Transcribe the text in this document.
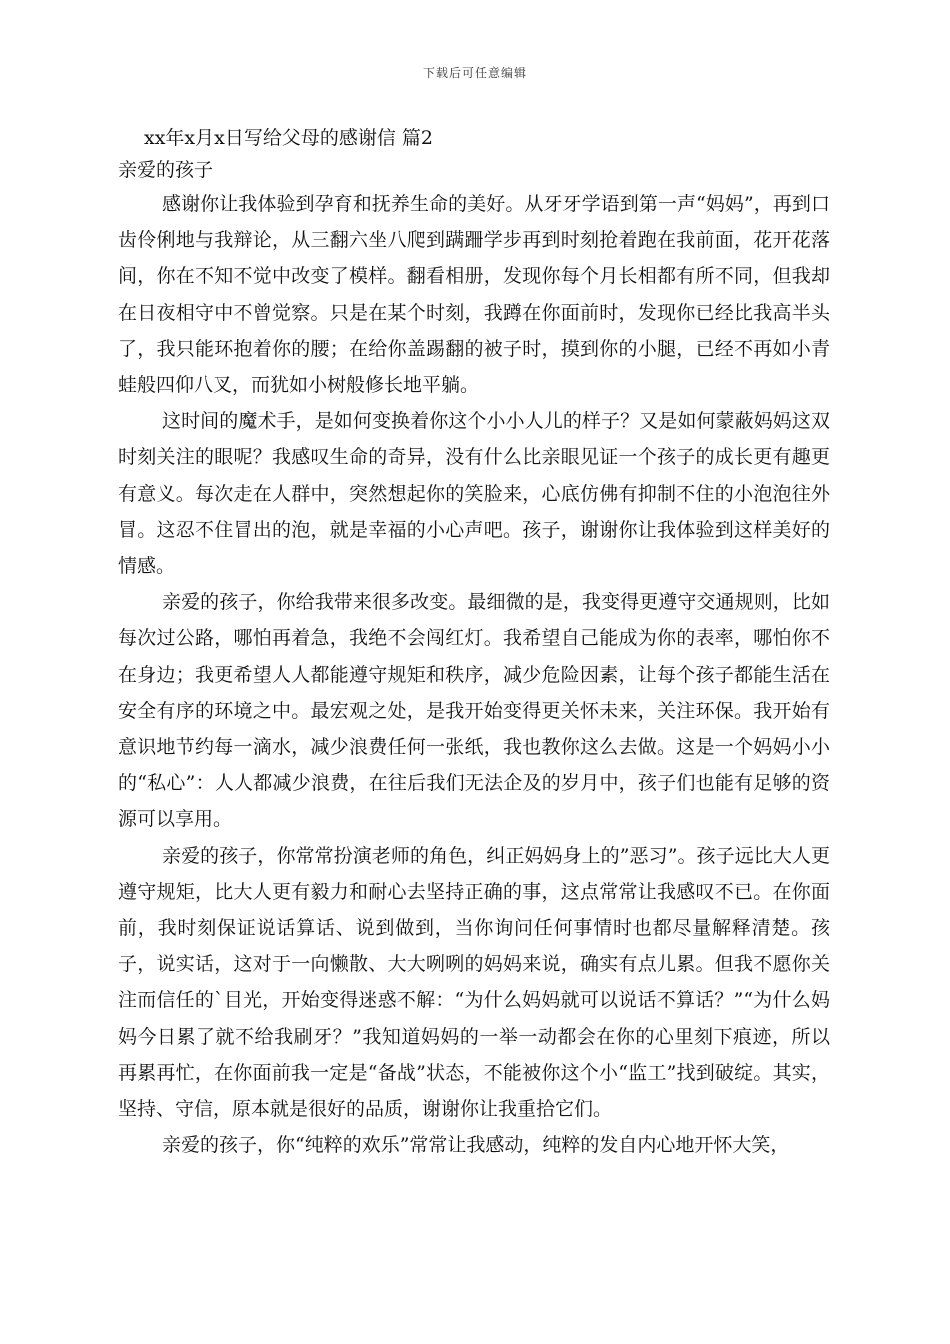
下载后可任意编辑
xx年x月x日写给父母的感谢信 篇2

亲爱的孩子

感谢你让我体验到孕育和抚养生命的美好。从牙牙学语到第一声“妈妈”，再到口齿伶俐地与我辩论，从三翻六坐八爬到蹒跚学步再到时刻抢着跑在我前面，花开花落间，你在不知不觉中改变了模样。翻看相册，发现你每个月长相都有所不同，但我却在日夜相守中不曾觉察。只是在某个时刻，我蹲在你面前时，发现你已经比我高半头了，我只能环抱着你的腰；在给你盖踢翻的被子时，摸到你的小腿，已经不再如小青蛙般四仰八叉，而犹如小树般修长地平躺。

这时间的魔术手，是如何变换着你这个小小人儿的样子？又是如何蒙蔽妈妈这双时刻关注的眼呢？我感叹生命的奇异，没有什么比亲眼见证一个孩子的成长更有趣更有意义。每次走在人群中，突然想起你的笑脸来，心底仿佛有抑制不住的小泡泡往外冒。这忍不住冒出的泡，就是幸福的小心声吧。孩子，谢谢你让我体验到这样美好的情感。

亲爱的孩子，你给我带来很多改变。最细微的是，我变得更遵守交通规则，比如每次过公路，哪怕再着急，我绝不会闯红灯。我希望自己能成为你的表率，哪怕你不在身边；我更希望人人都能遵守规矩和秩序，减少危险因素，让每个孩子都能生活在安全有序的环境之中。最宏观之处，是我开始变得更关怀未来，关注环保。我开始有意识地节约每一滴水，减少浪费任何一张纸，我也教你这么去做。这是一个妈妈小小的“私心”：人人都减少浪费，在往后我们无法企及的岁月中，孩子们也能有足够的资源可以享用。

亲爱的孩子，你常常扮演老师的角色，纠正妈妈身上的”恶习”。孩子远比大人更遵守规矩，比大人更有毅力和耐心去坚持正确的事，这点常常让我感叹不已。在你面前，我时刻保证说话算话、说到做到，当你询问任何事情时也都尽量解释清楚。孩子，说实话，这对于一向懒散、大大咧咧的妈妈来说，确实有点儿累。但我不愿你关注而信任的`目光，开始变得迷惑不解：“为什么妈妈就可以说话不算话？”“为什么妈妈今日累了就不给我刷牙？”我知道妈妈的一举一动都会在你的心里刻下痕迹，所以再累再忙，在你面前我一定是“备战”状态，不能被你这个小“监工”找到破绽。其实，坚持、守信，原本就是很好的品质，谢谢你让我重拾它们。

亲爱的孩子，你“纯粹的欢乐”常常让我感动，纯粹的发自内心地开怀大笑，
